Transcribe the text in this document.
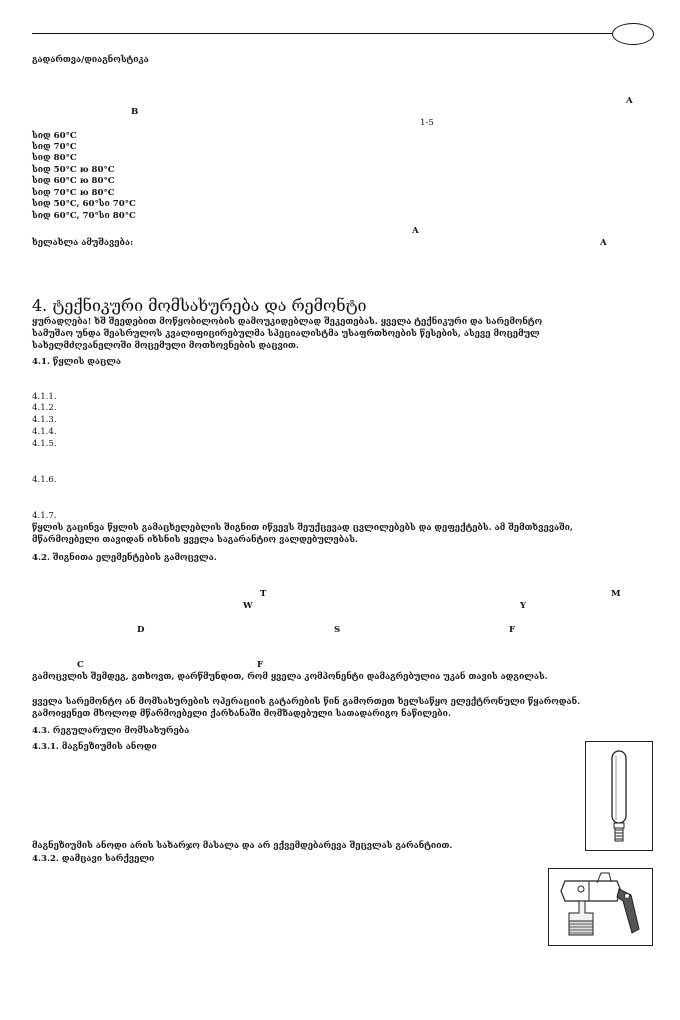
გადართვა/დიაგნოსტიკა
A
B
1-5
სიდ 60°C
სიდ 70°C
სიდ 80°C
სიდ 50°C ю 80°C
სიდ 60°C ю 80°C
სიდ 70°C ю 80°C
სიდ 50°C, 60°სი 70°C
სიდ 60°C, 70°სი 80°C
A
ხელახლა ამუშავება:	A
4. ტექნიკური მომსახურება და რემონტი
ყურადღება! ხშ შეედებით მოწყობილობის დამოუკიდებლად შეკეთებას. ყველა ტექნიკური და სარემონტო
სამუშაო უნდა შეასრულოს კვალიფიცირებულმა სპეციალისტმა უსაფრთხოების წესების, ასევე მოცემულ
სახელმძღვანელოში მოცემული მოთხოვნების დაცვით.
4.1. წყლის დაცლა
4.1.1.
4.1.2.
4.1.3.
4.1.4.
4.1.5.
4.1.6.
4.1.7.
წყლის გაცინვა წყლის გამაცხელებლის შიგნით იწვევს შეუქცევად ცვლილებებს და დეფექტებს. ამ შემთხვევაში,
მწარმოებელი თავიდან იხსნის ყველა საგარანტიო ვალდებულებას.
4.2. შიგნითა ელემენტების გამოცვლა.
T	M
W	Y
D	S	F
C	F
გამოცვლის შემდეგ, გთხოვთ, დარწმუნდით, რომ ყველა კომპონენტი დამაგრებულია უკან თავის ადგილას.
ყველა სარემონტო ან მომსახურების ოპერაციის გატარების წინ გამორთეთ ხელსაწყო ელექტრონული წყაროდან.
გამოიყენეთ მხოლოდ მწარმოებელი ქარხანაში მომზადებული სათადარიგო ნაწილები.
4.3. რეგულარული მომსახურება
4.3.1. მაგნეზიუმის ანოდი
მაგნეზიუმის ანოდი არის სახარჯო მასალა და არ ექვემდებარევა შეცვლას გარანტიით.
4.3.2. დამცავი სარქველი
